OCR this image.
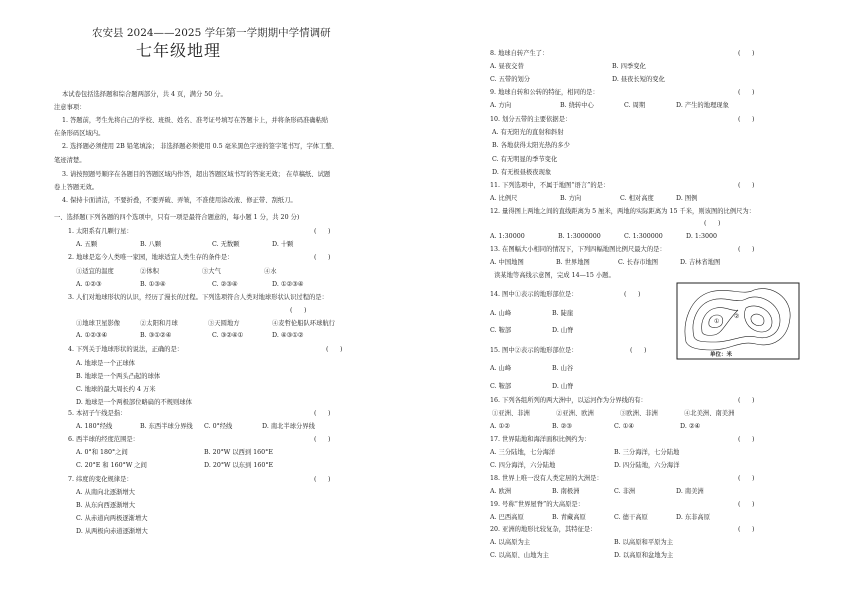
农安县 2024——2025 学年第一学期期中学情调研
七年级地理
本试卷包括选择题和综合题两部分，共 4 页，满分 50 分。
注意事项：
1. 答题前，考生先将自己的学校、班级、姓名、准考证号填写在答题卡上，并将条形码准确粘贴
在条形码区域内。
2. 选择题必须使用 2B 铅笔填涂； 非选择题必须使用 0.5 毫米黑色字迹的签字笔书写，字体工整、
笔迹清楚。
3. 请按照题号顺序在各题目的答题区域内作答，超出答题区域书写的答案无效； 在草稿纸、试题
卷上答题无效。
4. 保持卡面清洁，不要折叠，不要弄破、弄皱，不准使用涂改液、修正带、刮纸刀。
一、选择题(下列各题的四个选项中，只有一项是最符合题意的，每小题 1 分，共 20 分)
1. 太阳系有几颗行星：
A. 五颗	B. 八颗	C. 无数颗	D. 十颗
2. 地球是迄今人类唯一家园，地球适宜人类生存的条件是：
①适宜的温度	②体积	③大气	④水
A. ①②③	B. ①③④	C. ②③④	D. ①②③④
3. 人们对地球形状的认识，经历了漫长的过程。下列选项符合人类对地球形状认识过程的是：
①地球卫星影像	②太阳和月球	③天圆地方	④麦哲伦船队环球航行
A. ①②③④	B. ③①②④	C. ③②④①	D. ④③①②
4. 下列关于地球形状的说法，正确的是：
A. 地球是一个正球体
B. 地球是一个两头凸起的球体
C. 地球的最大周长约 4 万米
D. 地球是一个两极部位略扁的不规则球体
5. 本初子午线是指：
A. 180°经线	B. 东西半球分界线 C. 0°经线	D. 南北半球分界线
6. 西半球的经度范围是：
A. 0°和 180°之间	B. 20°W 以西到 160°E
C. 20°E 和 160°W 之间	D. 20°W 以东到 160°E
7. 纬度的变化规律是：
A. 从南向北逐渐增大
B. 从东向西逐渐增大
C. 从赤道向两极逐渐增大
D. 从两极向赤道逐渐增大
( )
( )
( )
( )
( )
( )
( )
8. 地球自转产生了：
A. 昼夜交替	B. 四季变化
C. 五带的划分	D. 昼夜长短的变化
9. 地球自转和公转的特征，相同的是：
A. 方向	B. 绕转中心	C. 周期	D. 产生的地理现象
10. 划分五带的主要依据是：
A. 有无阳光的直射和斜射
B. 各地获得太阳光热的多少
C. 有无明显的季节变化
D. 有无极昼极夜现象
11. 下列选项中，不属于地图“语言”的是：
A. 比例尺	B. 方向	C. 相对高度	D. 图例
12. 量得图上两地之间的直线距离为 5 厘米，两地的实际距离为 15 千米，则该图的比例尺为：
A. 1:30000	B. 1:3000000	C. 1:300000	D. 1:3000
13. 在图幅大小相同的情况下，下列四幅地图比例尺最大的是：
A. 中国地图	B. 世界地图	C. 长春市地图	D. 吉林省地图
读某地等高线示意图，完成 14—15 小题。
14. 图中①表示的地形部位是：
A. 山峰	B. 陡崖
C. 鞍部	D. 山脊
15. 图中②表示的地形部位是：
A. 山峰	B. 山谷
C. 鞍部	D. 山脊
16. 下列各组所列的两大洲中，以运河作为分界线的有：
①亚洲、非洲	②亚洲、欧洲	③欧洲、非洲	④北美洲、南美洲
A. ①②	B. ②③	C. ①④	D. ②④
17. 世界陆地和海洋面积比例约为：
A. 三分陆地，七分海洋	B. 三分海洋，七分陆地
C. 四分海洋，六分陆地	D. 四分陆地，六分海洋
18. 世界上唯一没有人类定居的大洲是：
A. 欧洲	B. 南极洲	C. 非洲	D. 南美洲
19. 号称“世界屋脊”的大高原是：
A. 巴西高原	B. 青藏高原	C. 德干高原	D. 东非高原
20. 亚洲的地形比较复杂，其特征是：
A. 以高原为主	B. 以高原和平原为主
C. 以高原、山地为主	D. 以高原和盆地为主
( )
( )
( )
( )
( )
( )
( )
( )
( )
( )
( )
( )
( )
①
②
单位：米
